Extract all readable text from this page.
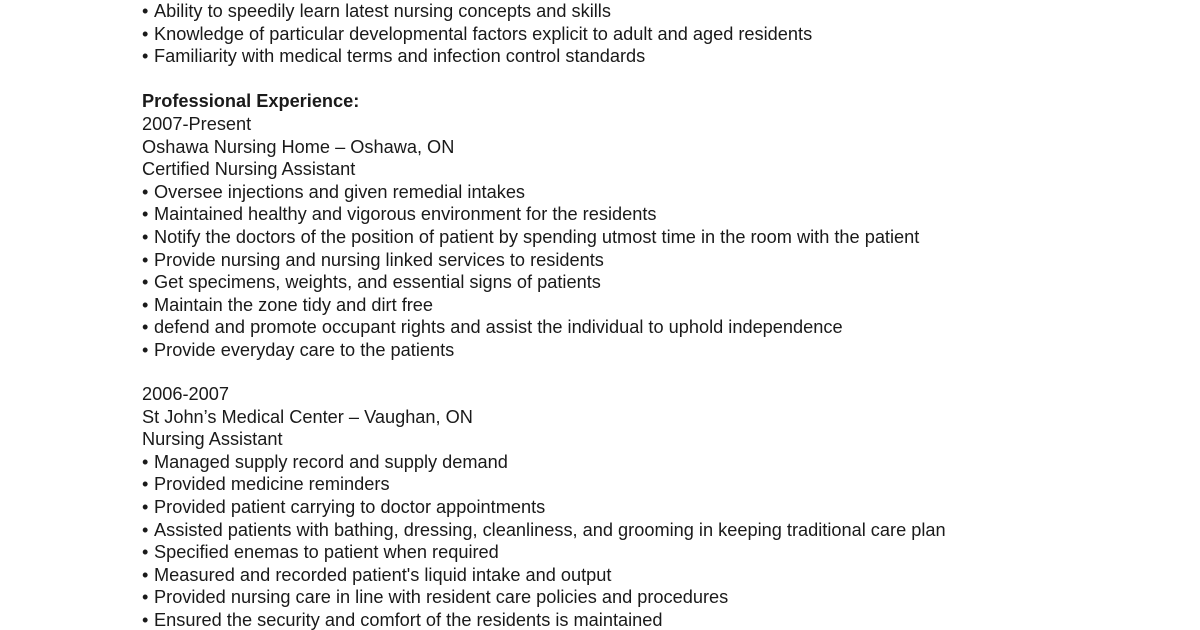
• Ability to speedily learn latest nursing concepts and skills
• Knowledge of particular developmental factors explicit to adult and aged residents
• Familiarity with medical terms and infection control standards
Professional Experience:
2007-Present
Oshawa Nursing Home – Oshawa, ON
Certified Nursing Assistant
• Oversee injections and given remedial intakes
• Maintained healthy and vigorous environment for the residents
• Notify the doctors of the position of patient by spending utmost time in the room with the patient
• Provide nursing and nursing linked services to residents
• Get specimens, weights, and essential signs of patients
• Maintain the zone tidy and dirt free
• defend and promote occupant rights and assist the individual to uphold independence
• Provide everyday care to the patients
2006-2007
St John’s Medical Center – Vaughan, ON
Nursing Assistant
• Managed supply record and supply demand
• Provided medicine reminders
• Provided patient carrying to doctor appointments
• Assisted patients with bathing, dressing, cleanliness, and grooming in keeping traditional care plan
• Specified enemas to patient when required
• Measured and recorded patient's liquid intake and output
• Provided nursing care in line with resident care policies and procedures
• Ensured the security and comfort of the residents is maintained
